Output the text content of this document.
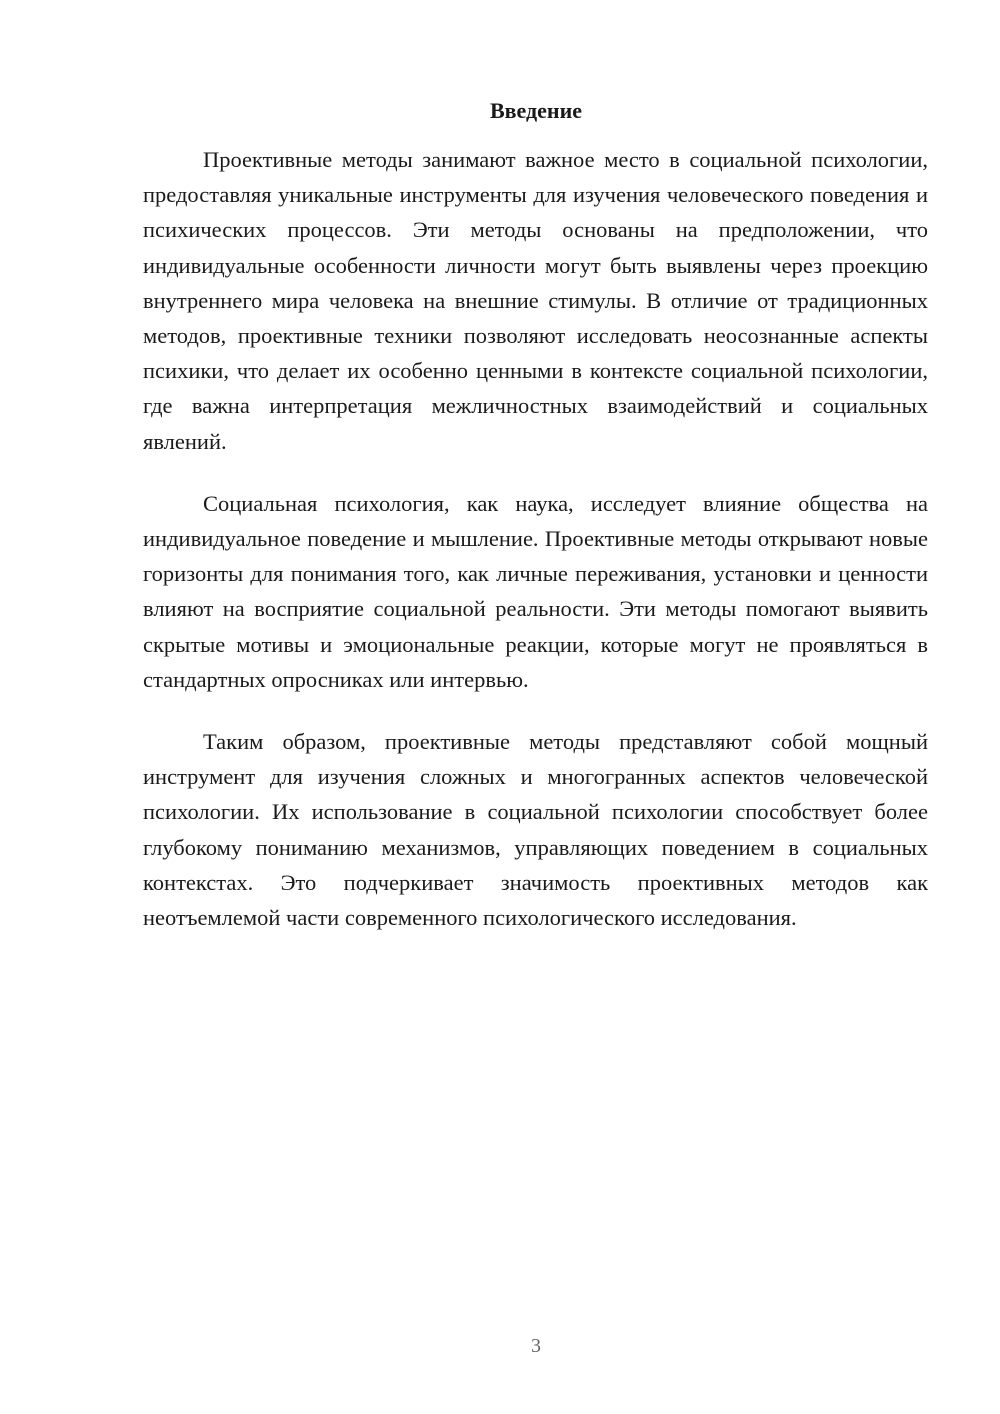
Введение

Проективные методы занимают важное место в социальной психологии, предоставляя уникальные инструменты для изучения человеческого поведения и психических процессов. Эти методы основаны на предположении, что индивидуальные особенности личности могут быть выявлены через проекцию внутреннего мира человека на внешние стимулы. В отличие от традиционных методов, проективные техники позволяют исследовать неосознанные аспекты психики, что делает их особенно ценными в контексте социальной психологии, где важна интерпретация межличностных взаимодействий и социальных явлений.

Социальная психология, как наука, исследует влияние общества на индивидуальное поведение и мышление. Проективные методы открывают новые горизонты для понимания того, как личные переживания, установки и ценности влияют на восприятие социальной реальности. Эти методы помогают выявить скрытые мотивы и эмоциональные реакции, которые могут не проявляться в стандартных опросниках или интервью.

Таким образом, проективные методы представляют собой мощный инструмент для изучения сложных и многогранных аспектов человеческой психологии. Их использование в социальной психологии способствует более глубокому пониманию механизмов, управляющих поведением в социальных контекстах. Это подчеркивает значимость проективных методов как неотъемлемой части современного психологического исследования.

3
